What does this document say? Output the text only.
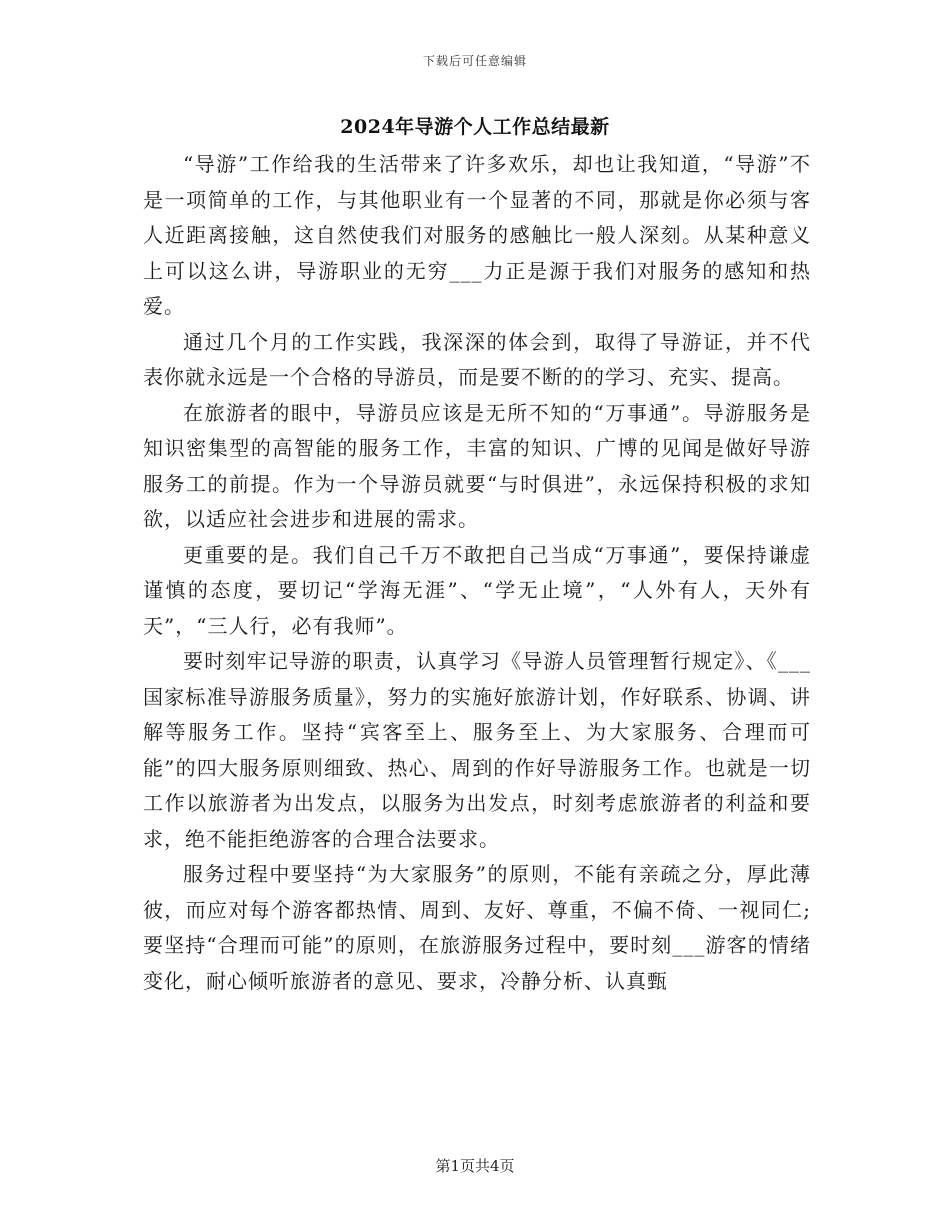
下载后可任意编辑
2024年导游个人工作总结最新

“导游”工作给我的生活带来了许多欢乐，却也让我知道，“导游”不是一项简单的工作，与其他职业有一个显著的不同，那就是你必须与客人近距离接触，这自然使我们对服务的感触比一般人深刻。从某种意义上可以这么讲，导游职业的无穷___力正是源于我们对服务的感知和热爱。

通过几个月的工作实践，我深深的体会到，取得了导游证，并不代表你就永远是一个合格的导游员，而是要不断的的学习、充实、提高。

在旅游者的眼中，导游员应该是无所不知的“万事通”。导游服务是知识密集型的高智能的服务工作，丰富的知识、广博的见闻是做好导游服务工的前提。作为一个导游员就要“与时俱进”，永远保持积极的求知欲，以适应社会进步和进展的需求。

更重要的是。我们自己千万不敢把自己当成“万事通”，要保持谦虚谨慎的态度，要切记“学海无涯”、“学无止境”，“人外有人，天外有天”，“三人行，必有我师”。

要时刻牢记导游的职责，认真学习《导游人员管理暂行规定》、《___国家标准导游服务质量》，努力的实施好旅游计划，作好联系、协调、讲解等服务工作。坚持“宾客至上、服务至上、为大家服务、合理而可能”的四大服务原则细致、热心、周到的作好导游服务工作。也就是一切工作以旅游者为出发点，以服务为出发点，时刻考虑旅游者的利益和要求，绝不能拒绝游客的合理合法要求。

服务过程中要坚持“为大家服务”的原则，不能有亲疏之分，厚此薄彼，而应对每个游客都热情、周到、友好、尊重，不偏不倚、一视同仁;要坚持“合理而可能”的原则，在旅游服务过程中，要时刻___游客的情绪变化，耐心倾听旅游者的意见、要求，冷静分析、认真甄

第1页共4页
